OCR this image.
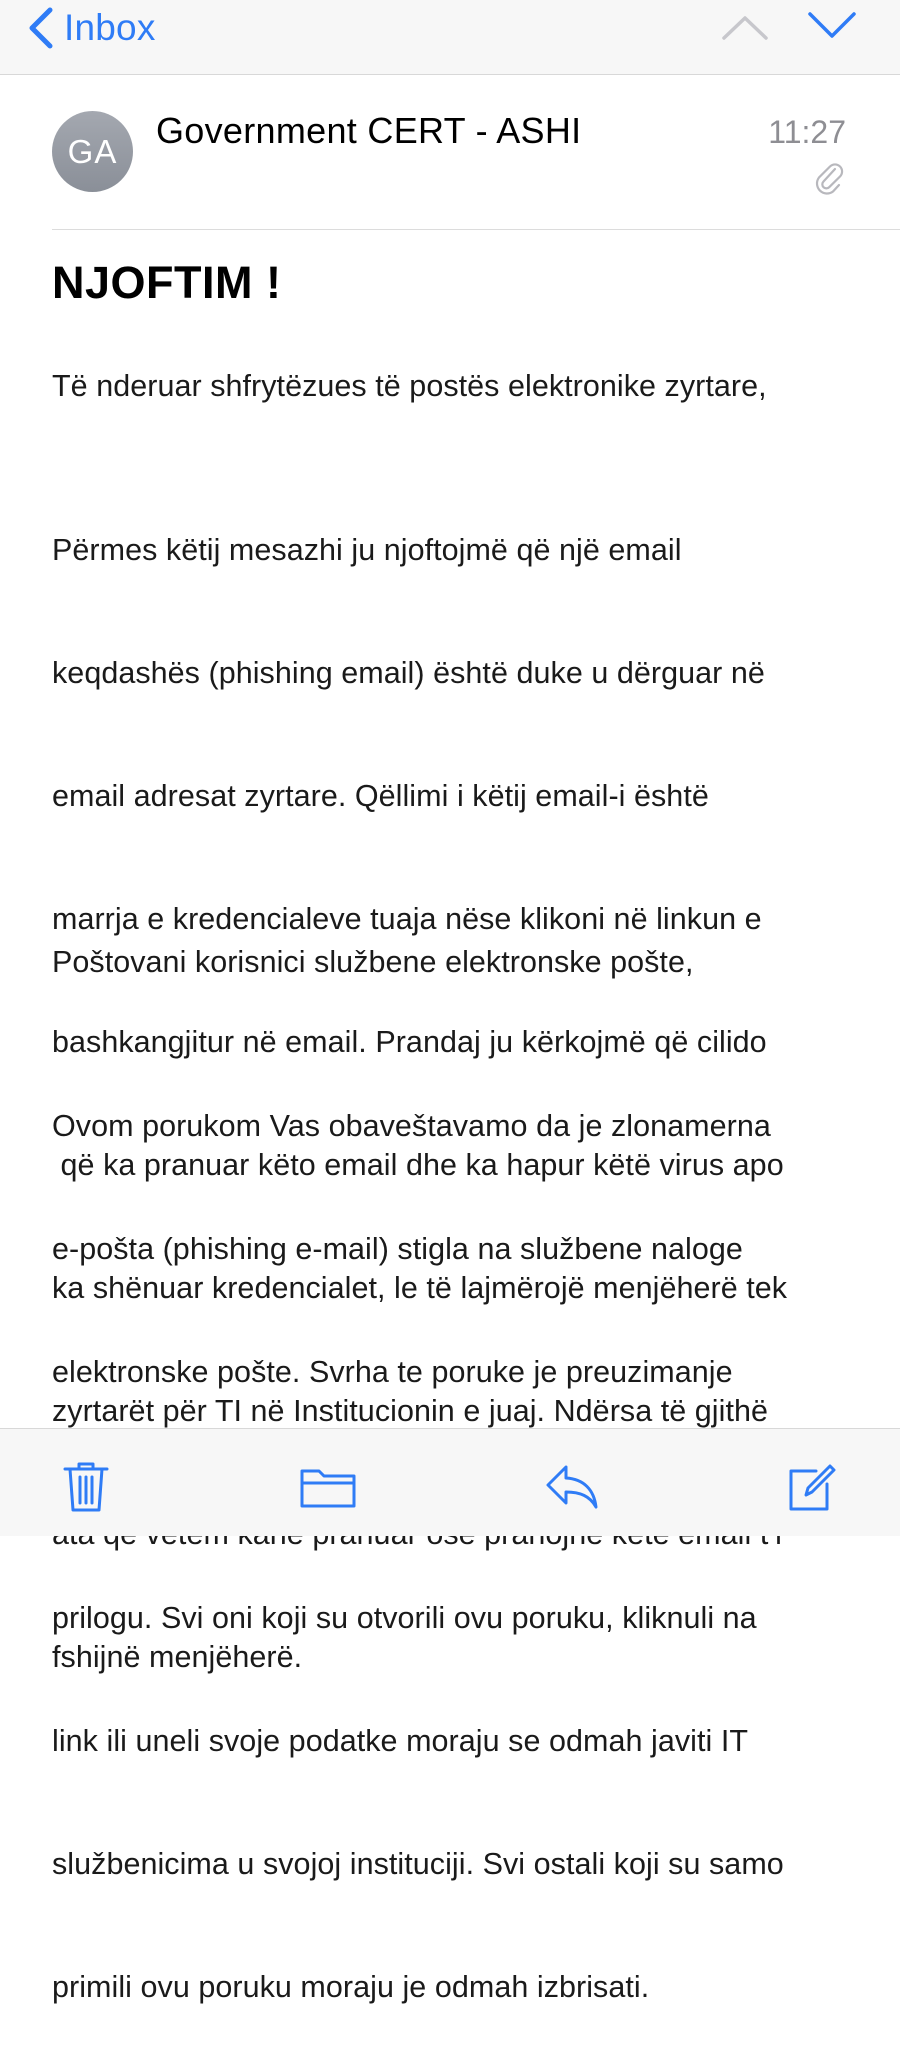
Inbox
GA	Government CERT - ASHI	11:27
NJOFTIM !
Të nderuar shfrytëzues të postës elektronike zyrtare,

Përmes këtij mesazhi ju njoftojmë që një email

keqdashës (phishing email) është duke u dërguar në

email adresat zyrtare. Qëllimi i këtij email-i është

marrja e kredencialeve tuaja nëse klikoni në linkun e

bashkangjitur në email. Prandaj ju kërkojmë që cilido

që ka pranuar këto email dhe ka hapur këtë virus apo

ka shënuar kredencialet, le të lajmërojë menjëherë tek

zyrtarët për TI në Institucionin e juaj. Ndërsa të gjithë

fshijnë menjëherë.

Poštovani korisnici službene elektronske pošte,

Ovom porukom Vas obaveštavamo da je zlonamerna

e-pošta (phishing e-mail) stigla na službene naloge

elektronske pošte. Svrha te poruke je preuzimanje

prilogu. Svi oni koji su otvorili ovu poruku, kliknuli na

link ili uneli svoje podatke moraju se odmah javiti IT

službenicima u svojoj instituciji. Svi ostali koji su samo

primili ovu poruku moraju je odmah izbrisati.
